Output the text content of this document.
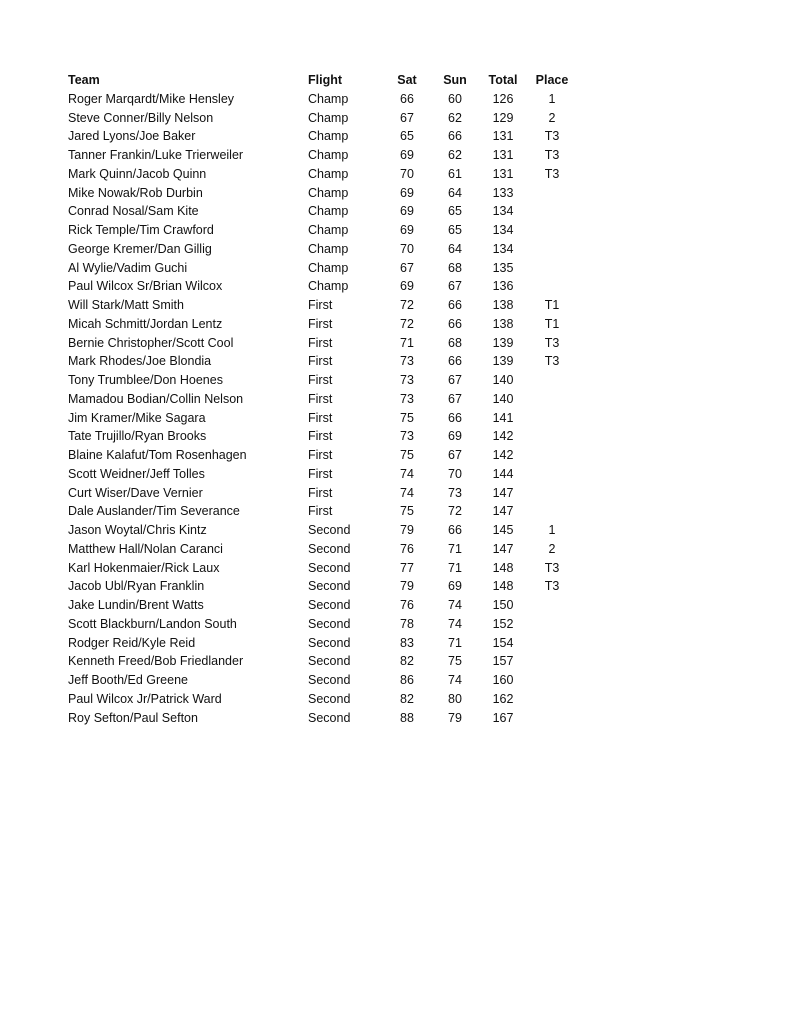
Team	Flight	Sat	Sun	Total	Place
Roger Marqardt/Mike Hensley	Champ	66	60	126	1
Steve Conner/Billy Nelson	Champ	67	62	129	2
Jared Lyons/Joe Baker	Champ	65	66	131	T3
Tanner Frankin/Luke Trierweiler	Champ	69	62	131	T3
Mark Quinn/Jacob Quinn	Champ	70	61	131	T3
Mike Nowak/Rob Durbin	Champ	69	64	133	
Conrad Nosal/Sam Kite	Champ	69	65	134	
Rick Temple/Tim Crawford	Champ	69	65	134	
George Kremer/Dan Gillig	Champ	70	64	134	
Al Wylie/Vadim Guchi	Champ	67	68	135	
Paul Wilcox Sr/Brian Wilcox	Champ	69	67	136	
Will Stark/Matt Smith	First	72	66	138	T1
Micah Schmitt/Jordan Lentz	First	72	66	138	T1
Bernie Christopher/Scott Cool	First	71	68	139	T3
Mark Rhodes/Joe Blondia	First	73	66	139	T3
Tony Trumblee/Don Hoenes	First	73	67	140	
Mamadou Bodian/Collin Nelson	First	73	67	140	
Jim Kramer/Mike Sagara	First	75	66	141	
Tate Trujillo/Ryan Brooks	First	73	69	142	
Blaine Kalafut/Tom Rosenhagen	First	75	67	142	
Scott Weidner/Jeff Tolles	First	74	70	144	
Curt Wiser/Dave Vernier	First	74	73	147	
Dale Auslander/Tim Severance	First	75	72	147	
Jason Woytal/Chris Kintz	Second	79	66	145	1
Matthew Hall/Nolan Caranci	Second	76	71	147	2
Karl Hokenmaier/Rick Laux	Second	77	71	148	T3
Jacob Ubl/Ryan Franklin	Second	79	69	148	T3
Jake Lundin/Brent Watts	Second	76	74	150	
Scott Blackburn/Landon South	Second	78	74	152	
Rodger Reid/Kyle Reid	Second	83	71	154	
Kenneth Freed/Bob Friedlander	Second	82	75	157	
Jeff Booth/Ed Greene	Second	86	74	160	
Paul Wilcox Jr/Patrick Ward	Second	82	80	162	
Roy Sefton/Paul Sefton	Second	88	79	167	
